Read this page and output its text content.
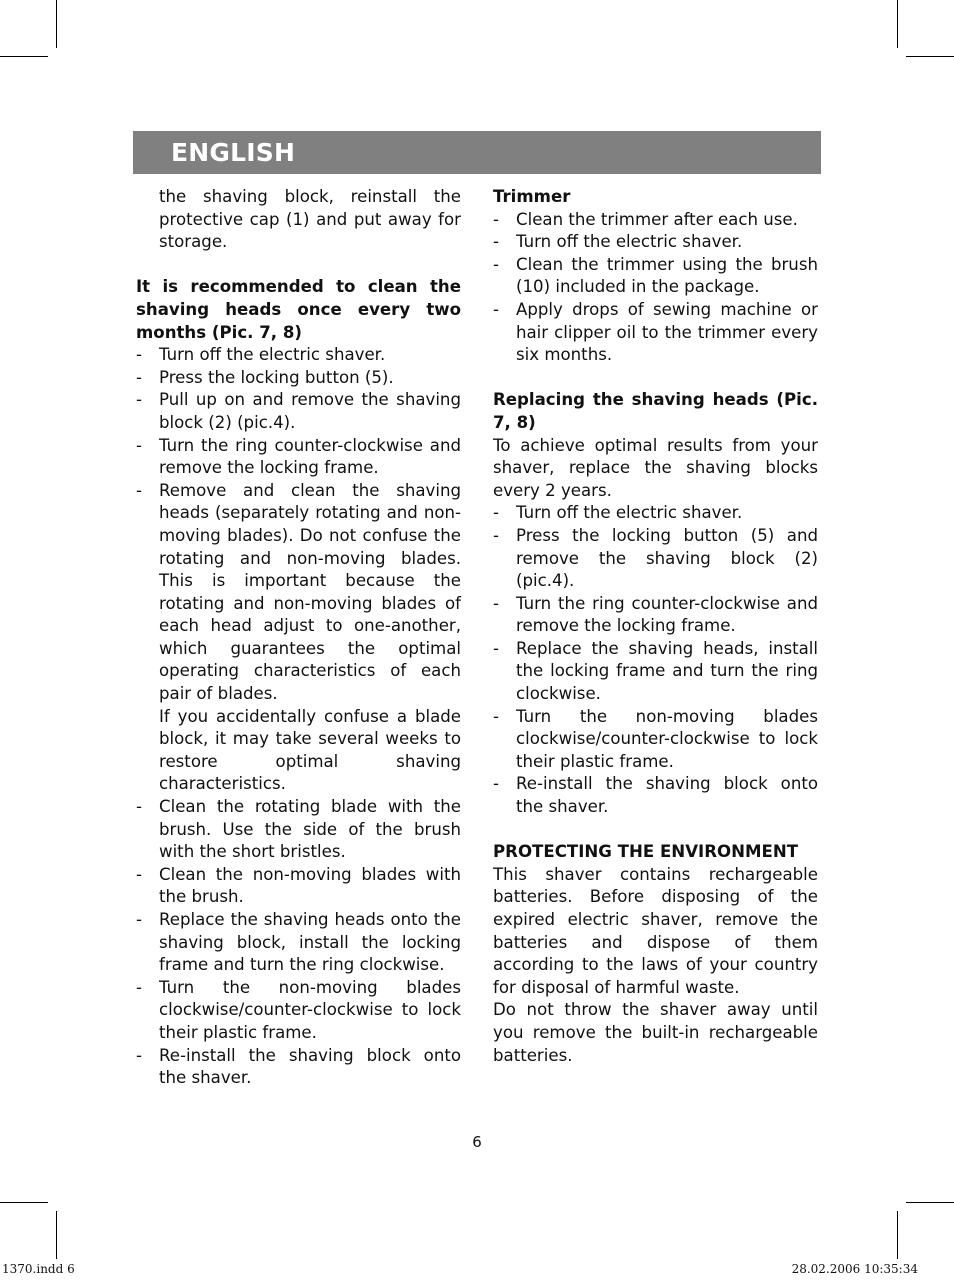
ENGLISH

the shaving block, reinstall the protective cap (1) and put away for storage.

It is recommended to clean the shaving heads once every two months (Pic. 7, 8)

- Turn off the electric shaver.
- Press the locking button (5).
- Pull up on and remove the shaving block (2) (pic.4).
- Turn the ring counter-clockwise and remove the locking frame.
- Remove and clean the shaving heads (separately rotating and non-moving blades). Do not confuse the rotating and non-moving blades. This is important because the rotating and non-moving blades of each head adjust to one-another, which guarantees the optimal operating characteristics of each pair of blades.
If you accidentally confuse a blade block, it may take several weeks to restore optimal shaving characteristics.
- Clean the rotating blade with the brush. Use the side of the brush with the short bristles.
- Clean the non-moving blades with the brush.
- Replace the shaving heads onto the shaving block, install the locking frame and turn the ring clockwise.
- Turn the non-moving blades clockwise/counter-clockwise to lock their plastic frame.
- Re-install the shaving block onto the shaver.

Trimmer

- Clean the trimmer after each use.
- Turn off the electric shaver.
- Clean the trimmer using the brush (10) included in the package.
- Apply drops of sewing machine or hair clipper oil to the trimmer every six months.

Replacing the shaving heads (Pic. 7, 8)

To achieve optimal results from your shaver, replace the shaving blocks every 2 years.

- Turn off the electric shaver.
- Press the locking button (5) and remove the shaving block (2) (pic.4).
- Turn the ring counter-clockwise and remove the locking frame.
- Replace the shaving heads, install the locking frame and turn the ring clockwise.
- Turn the non-moving blades clockwise/counter-clockwise to lock their plastic frame.
- Re-install the shaving block onto the shaver.

PROTECTING THE ENVIRONMENT

This shaver contains rechargeable batteries. Before disposing of the expired electric shaver, remove the batteries and dispose of them according to the laws of your country for disposal of harmful waste.

Do not throw the shaver away until you remove the built-in rechargeable batteries.

6
1370.indd 6	28.02.2006 10:35:34
